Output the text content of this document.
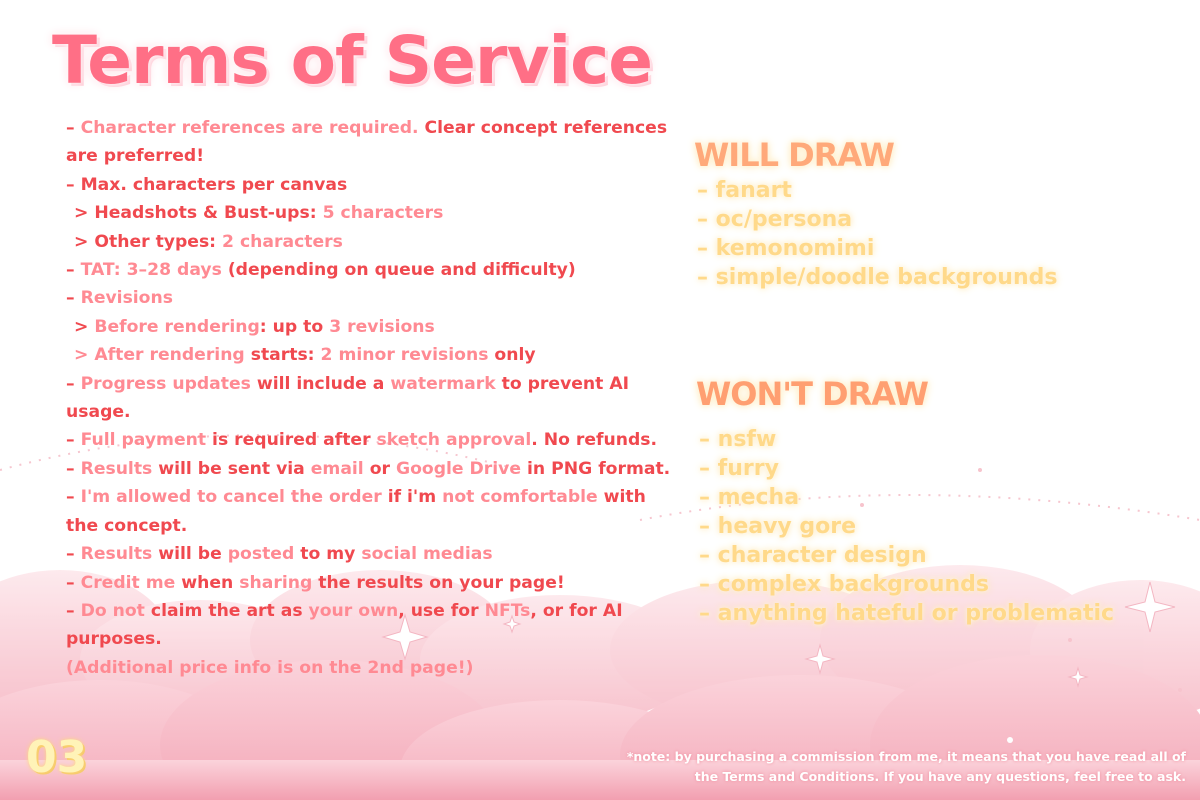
Terms of Service
– Character references are required. Clear concept references are preferred!
– Max. characters per canvas
> Headshots & Bust-ups: 5 characters
> Other types: 2 characters
– TAT: 3–28 days (depending on queue and difficulty)
– Revisions
> Before rendering: up to 3 revisions
> After rendering starts: 2 minor revisions only
– Progress updates will include a watermark to prevent AI usage.
– Full payment is required after sketch approval. No refunds.
– Results will be sent via email or Google Drive in PNG format.
– I'm allowed to cancel the order if i'm not comfortable with the concept.
– Results will be posted to my social medias
– Credit me when sharing the results on your page!
– Do not claim the art as your own, use for NFTs, or for AI purposes.
(Additional price info is on the 2nd page!)
WILL DRAW
– fanart
– oc/persona
– kemonomimi
– simple/doodle backgrounds
WON'T DRAW
– nsfw
– furry
– mecha
– heavy gore
– character design
– complex backgrounds
– anything hateful or problematic

03	*note: by purchasing a commission from me, it means that you have read all of
the Terms and Conditions. If you have any questions, feel free to ask.
